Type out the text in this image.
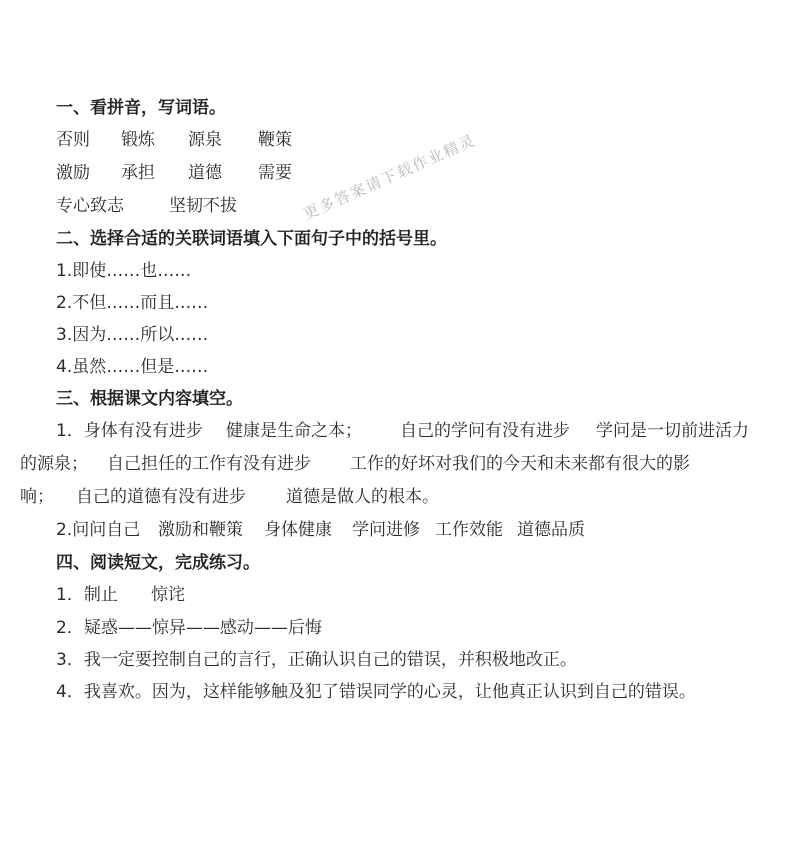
一、看拼音，写词语。
否则 锻炼 源泉 鞭策
激励 承担 道德 需要
专心致志	坚韧不拔
二、选择合适的关联词语填入下面句子中的括号里。
1.即使……也……
2.不但……而且……
3.因为……所以……
4.虽然……但是……
三、根据课文内容填空。
1．身体有没有进步 健康是生命之本； 自己的学问有没有进步 学问是一切前进活力
的源泉； 自己担任的工作有没有进步 工作的好坏对我们的今天和未来都有很大的影
响； 自己的道德有没有进步 道德是做人的根本。
2.问问自己 激励和鞭策 身体健康 学问进修 工作效能 道德品质
四、阅读短文，完成练习。
1．制止 惊诧
2．疑惑——惊异——感动——后悔
3．我一定要控制自己的言行，正确认识自己的错误，并积极地改正。
4．我喜欢。因为，这样能够触及犯了错误同学的心灵，让他真正认识到自己的错误。
更多答案请下载作业精灵
